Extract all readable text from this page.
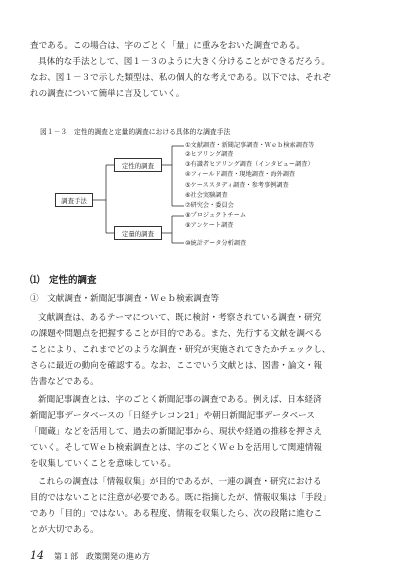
査である。この場合は、字のごとく「量」に重みをおいた調査である。
具体的な手法として、図１－３のように大きく分けることができるだろう。
なお、図１－３で示した類型は、私の個人的な考えである。以下では、それぞ
れの調査について簡単に言及していく。
図１－３　定性的調査と定量的調査における具体的な調査手法
調査手法
定性的調査
定量的調査
①文献調査・新聞記事調査・Ｗｅｂ検索調査等
②ヒアリング調査
③有識者ヒアリング調査（インタビュー調査）
④フィールド調査・現地調査・海外調査
⑤ケーススタディ調査・参考事例調査
⑥社会実験調査
⑦研究会・委員会
⑧プロジェクトチーム
⑨アンケート調査
⑩統計データ分析調査
⑴　定性的調査
①　文献調査・新聞記事調査・Ｗｅｂ検索調査等
文献調査は、あるテーマについて、既に検討・考察されている調査・研究
の課題や問題点を把握することが目的である。また、先行する文献を調べる
ことにより、これまでどのような調査・研究が実施されてきたかチェックし、
さらに最近の動向を確認する。なお、ここでいう文献とは、図書・論文・報
告書などである。
新聞記事調査とは、字のごとく新聞記事の調査である。例えば、日本経済
新聞記事データベースの「日経テレコン21」や朝日新聞記事データベース
「聞蔵」などを活用して、過去の新聞記事から、現状や経過の推移を押さえ
ていく。そしてＷｅｂ検索調査とは、字のごとくＷｅｂを活用して関連情報
を収集していくことを意味している。
これらの調査は「情報収集」が目的であるが、一連の調査・研究における
目的ではないことに注意が必要である。既に指摘したが、情報収集は「手段」
であり「目的」ではない。ある程度、情報を収集したら、次の段階に進むこ
とが大切である。
14 第１部　政策開発の進め方
